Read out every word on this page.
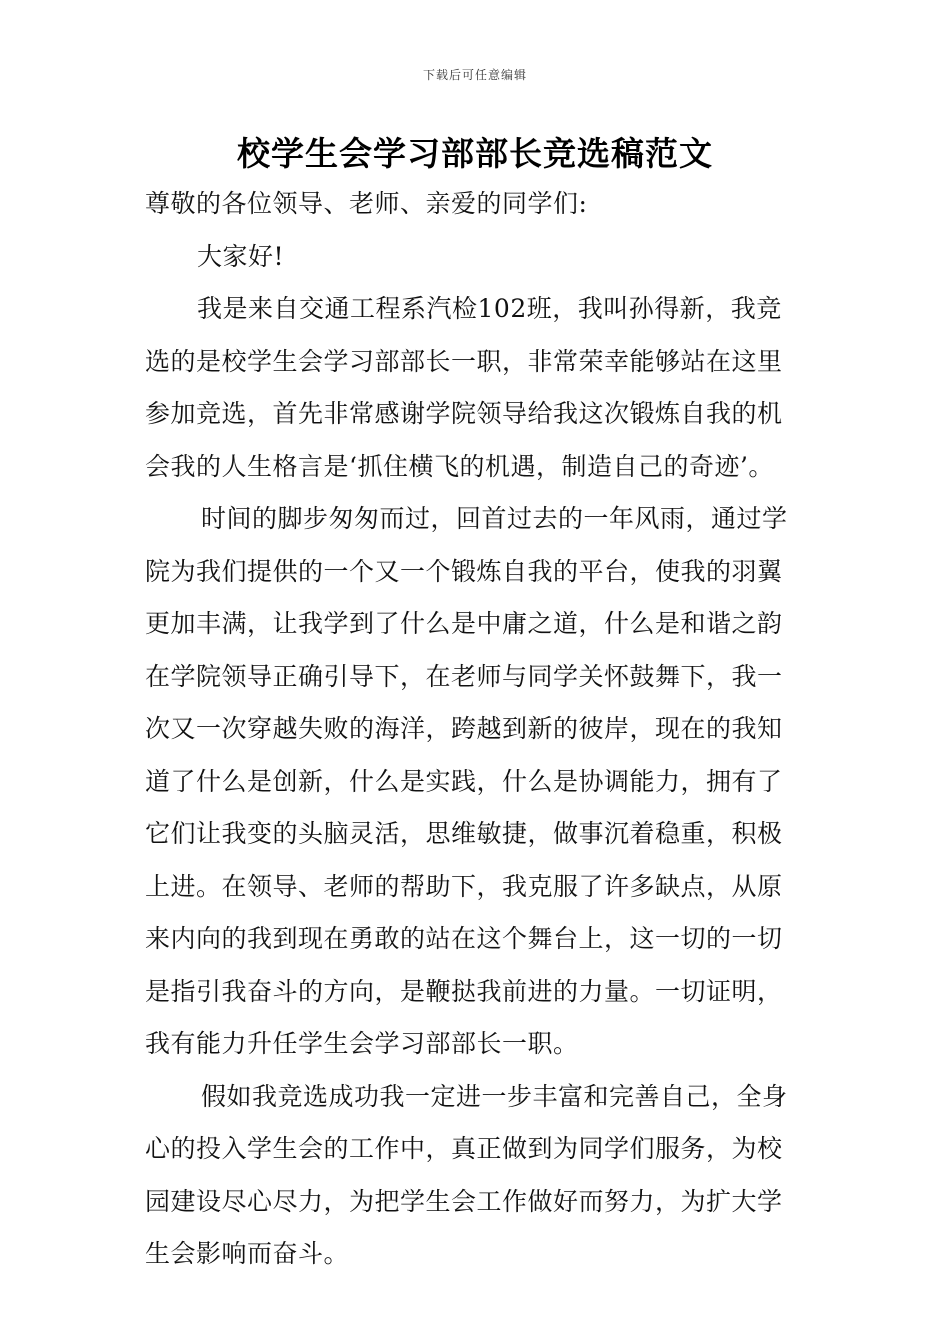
下载后可任意编辑
校学生会学习部部长竞选稿范文

尊敬的各位领导、老师、亲爱的同学们:

大家好!

我是来自交通工程系汽检102班，我叫孙得新，我竞选的是校学生会学习部部长一职，非常荣幸能够站在这里参加竞选，首先非常感谢学院领导给我这次锻炼自我的机会我的人生格言是‘抓住横飞的机遇，制造自己的奇迹’。

时间的脚步匆匆而过，回首过去的一年风雨，通过学院为我们提供的一个又一个锻炼自我的平台，使我的羽翼更加丰满，让我学到了什么是中庸之道，什么是和谐之韵在学院领导正确引导下，在老师与同学关怀鼓舞下，我一次又一次穿越失败的海洋，跨越到新的彼岸，现在的我知道了什么是创新，什么是实践，什么是协调能力，拥有了它们让我变的头脑灵活，思维敏捷，做事沉着稳重，积极上进。在领导、老师的帮助下，我克服了许多缺点，从原来内向的我到现在勇敢的站在这个舞台上，这一切的一切是指引我奋斗的方向，是鞭挞我前进的力量。一切证明，我有能力升任学生会学习部部长一职。

假如我竞选成功我一定进一步丰富和完善自己，全身心的投入学生会的工作中，真正做到为同学们服务，为校园建设尽心尽力，为把学生会工作做好而努力，为扩大学生会影响而奋斗。
